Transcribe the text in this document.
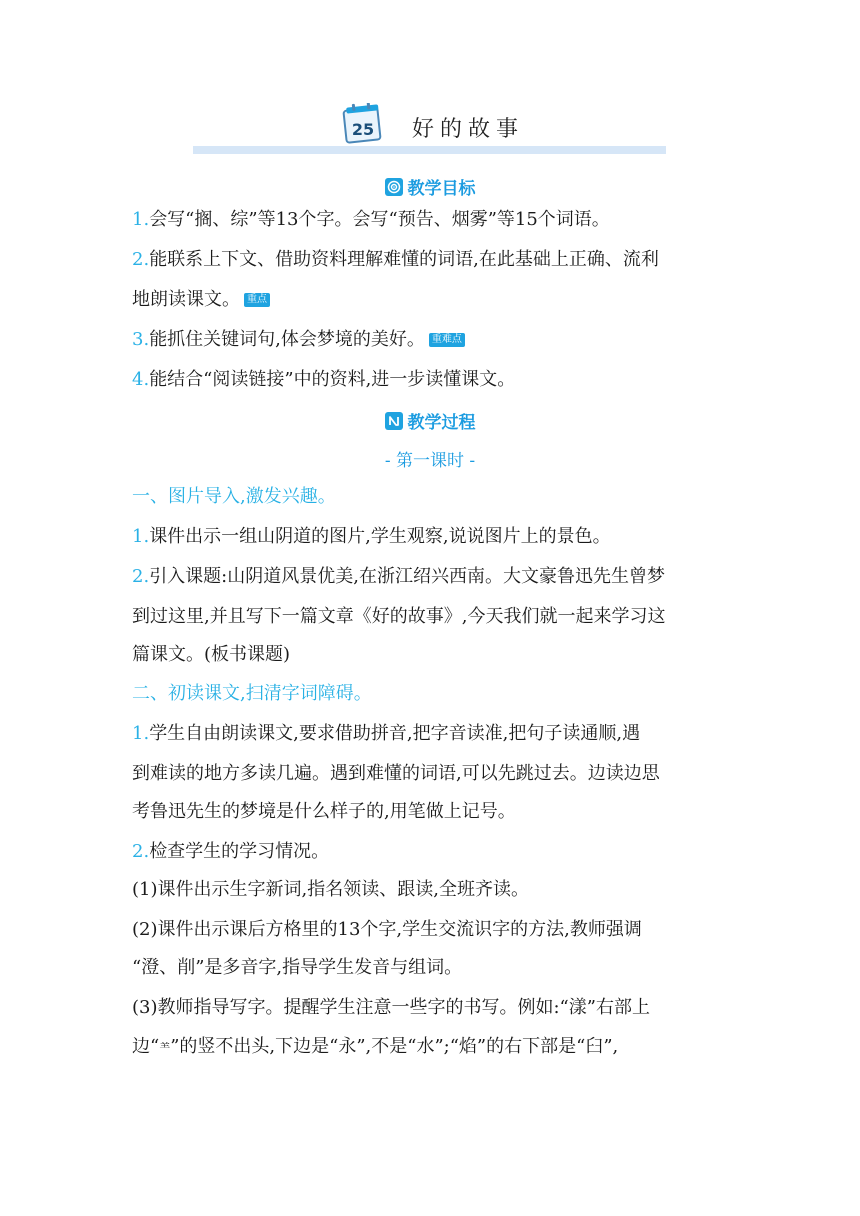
25 好的故事
教学目标
1.会写“搁、综”等13个字。会写“预告、烟雾”等15个词语。
2.能联系上下文、借助资料理解难懂的词语,在此基础上正确、流利
地朗读课文。 重点
3.能抓住关键词句,体会梦境的美好。 重难点
4.能结合“阅读链接”中的资料,进一步读懂课文。
教学过程
- 第一课时 -
一、图片导入,激发兴趣。
1.课件出示一组山阴道的图片,学生观察,说说图片上的景色。
2.引入课题:山阴道风景优美,在浙江绍兴西南。大文豪鲁迅先生曾梦
到过这里,并且写下一篇文章《好的故事》,今天我们就一起来学习这
篇课文。(板书课题)
二、初读课文,扫清字词障碍。
1.学生自由朗读课文,要求借助拼音,把字音读准,把句子读通顺,遇
到难读的地方多读几遍。遇到难懂的词语,可以先跳过去。边读边思
考鲁迅先生的梦境是什么样子的,用笔做上记号。
2.检查学生的学习情况。
(1)课件出示生字新词,指名领读、跟读,全班齐读。
(2)课件出示课后方格里的13个字,学生交流识字的方法,教师强调
“澄、削”是多音字,指导学生发音与组词。
(3)教师指导写字。提醒学生注意一些字的书写。例如:“漾”右部上
边“⺷”的竖不出头,下边是“永”,不是“水”;“焰”的右下部是“臼”,
